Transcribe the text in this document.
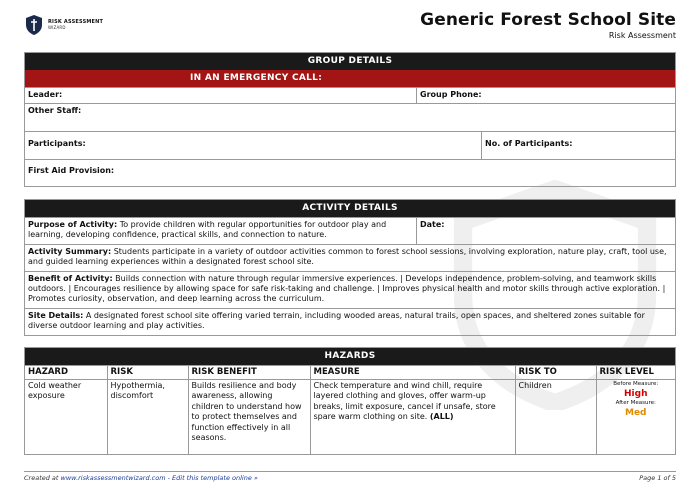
RISK ASSESSMENT
WIZARD	Generic Forest School Site
Risk Assessment
GROUP DETAILS
IN AN EMERGENCY CALL:
Leader:	Group Phone:
Other Staff:
Participants:	No. of Participants:
First Aid Provision:
ACTIVITY DETAILS
Purpose of Activity: To provide children with regular opportunities for outdoor play and learning, developing confidence, practical skills, and connection to nature.
Date:
Activity Summary: Students participate in a variety of outdoor activities common to forest school sessions, involving exploration, nature play, craft, tool use, and guided learning experiences within a designated forest school site.
Benefit of Activity: Builds connection with nature through regular immersive experiences. | Develops independence, problem-solving, and teamwork skills outdoors. | Encourages resilience by allowing space for safe risk-taking and challenge. | Improves physical health and motor skills through active exploration. | Promotes curiosity, observation, and deep learning across the curriculum.
Site Details: A designated forest school site offering varied terrain, including wooded areas, natural trails, open spaces, and sheltered zones suitable for diverse outdoor learning and play activities.
HAZARDS
HAZARD	RISK	RISK BENEFIT	MEASURE	RISK TO	RISK LEVEL
Cold weather exposure	Hypothermia, discomfort	Builds resilience and body awareness, allowing children to understand how to protect themselves and function effectively in all seasons.	Check temperature and wind chill, require layered clothing and gloves, offer warm-up breaks, limit exposure, cancel if unsafe, store spare warm clothing on site. (ALL)	Children	Before Measure:
High
After Measure:
Med
Created at www.riskassessmentwizard.com - Edit this template online »	Page 1 of 5
